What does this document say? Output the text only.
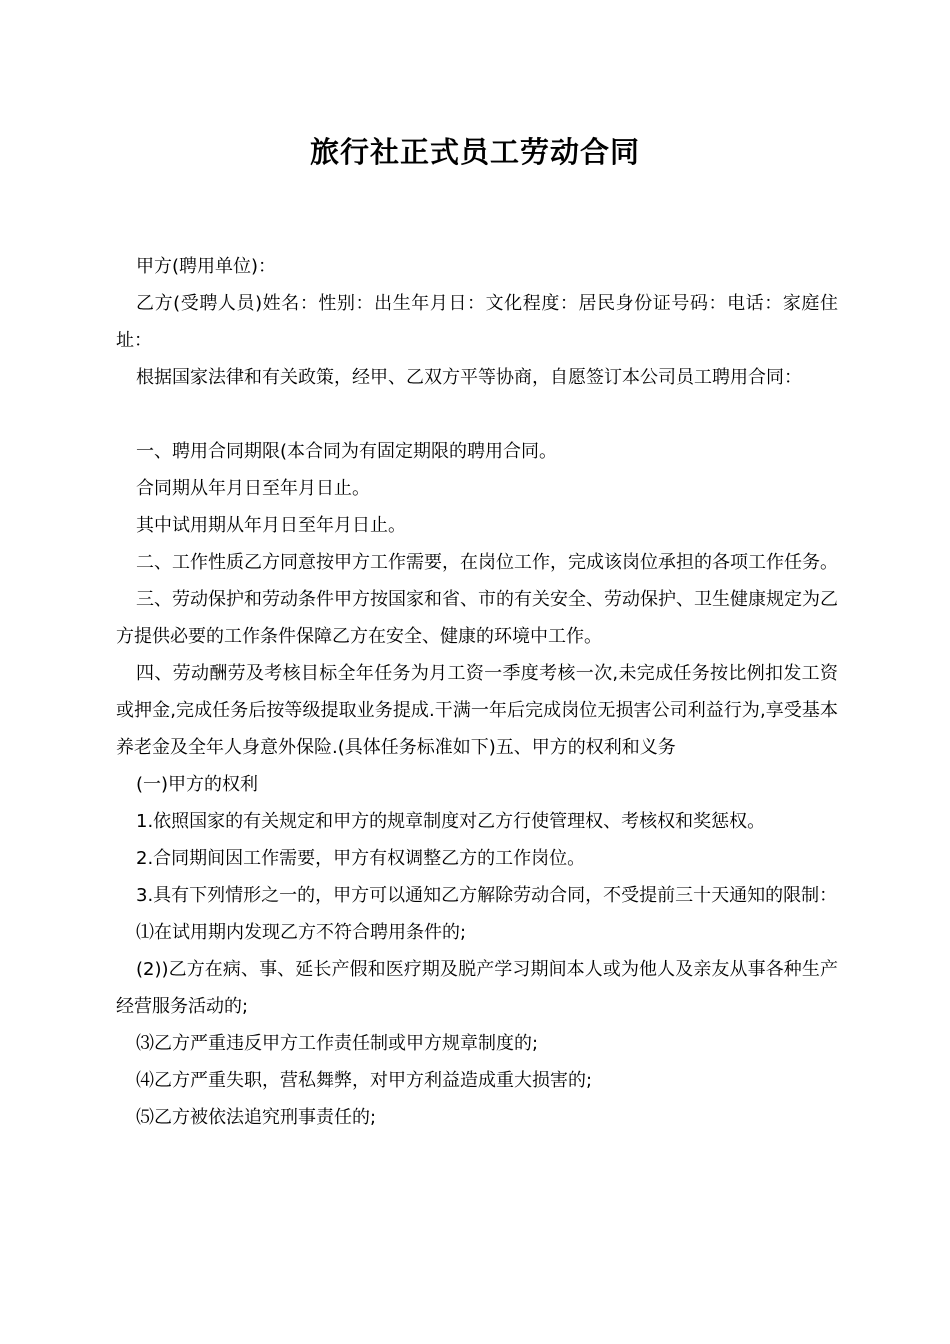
旅行社正式员工劳动合同

甲方(聘用单位)：

乙方(受聘人员)姓名：性别：出生年月日：文化程度：居民身份证号码：电话：家庭住址：

根据国家法律和有关政策，经甲、乙双方平等协商，自愿签订本公司员工聘用合同：

一、聘用合同期限(本合同为有固定期限的聘用合同。

合同期从年月日至年月日止。

其中试用期从年月日至年月日止。

二、工作性质乙方同意按甲方工作需要，在岗位工作，完成该岗位承担的各项工作任务。

三、劳动保护和劳动条件甲方按国家和省、市的有关安全、劳动保护、卫生健康规定为乙方提供必要的工作条件保障乙方在安全、健康的环境中工作。

四、劳动酬劳及考核目标全年任务为月工资一季度考核一次,未完成任务按比例扣发工资或押金,完成任务后按等级提取业务提成.干满一年后完成岗位无损害公司利益行为,享受基本养老金及全年人身意外保险.(具体任务标准如下)五、甲方的权利和义务

(一)甲方的权利

1.依照国家的有关规定和甲方的规章制度对乙方行使管理权、考核权和奖惩权。

2.合同期间因工作需要，甲方有权调整乙方的工作岗位。

3.具有下列情形之一的，甲方可以通知乙方解除劳动合同，不受提前三十天通知的限制：

⑴在试用期内发现乙方不符合聘用条件的;

(2))乙方在病、事、延长产假和医疗期及脱产学习期间本人或为他人及亲友从事各种生产经营服务活动的;

⑶乙方严重违反甲方工作责任制或甲方规章制度的;

⑷乙方严重失职，营私舞弊，对甲方利益造成重大损害的;

⑸乙方被依法追究刑事责任的;
